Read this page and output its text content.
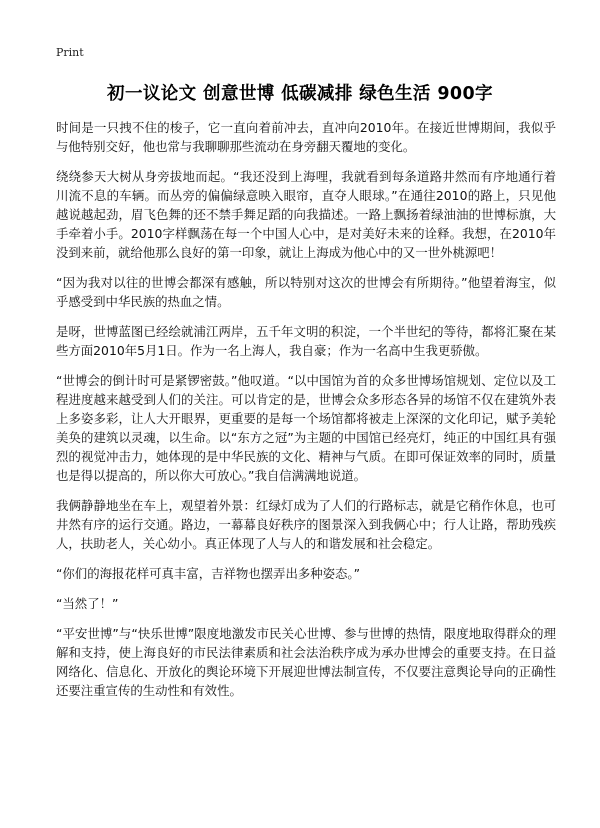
Print
初一议论文 创意世博 低碳减排 绿色生活 900字

时间是一只拽不住的梭子，它一直向着前冲去，直冲向2010年。在接近世博期间，我似乎与他特别交好，他也常与我聊聊那些流动在身旁翻天覆地的变化。

绕绕参天大树从身旁拔地而起。“我还没到上海哩，我就看到每条道路井然而有序地通行着川流不息的车辆。而丛旁的偏偏绿意映入眼帘，直夺人眼球。”在通往2010的路上，只见他越说越起劲，眉飞色舞的还不禁手舞足蹈的向我描述。一路上飘扬着绿油油的世博标旗，大手牵着小手。2010字样飘荡在每一个中国人心中，是对美好未来的诠释。我想，在2010年没到来前，就给他那么良好的第一印象，就让上海成为他心中的又一世外桃源吧！

“因为我对以往的世博会都深有感触，所以特别对这次的世博会有所期待。”他望着海宝，似乎感受到中华民族的热血之情。

是呀，世博蓝图已经绘就浦江两岸，五千年文明的积淀，一个半世纪的等待，都将汇聚在某些方面2010年5月1日。作为一名上海人，我自豪；作为一名高中生我更骄傲。

“世博会的倒计时可是紧锣密鼓。”他叹道。“以中国馆为首的众多世博场馆规划、定位以及工程进度越来越受到人们的关注。可以肯定的是，世博会众多形态各异的场馆不仅在建筑外表上多姿多彩，让人大开眼界，更重要的是每一个场馆都将被走上深深的文化印记，赋予美轮美奂的建筑以灵魂，以生命。以“东方之冠”为主题的中国馆已经亮灯，纯正的中国红具有强烈的视觉冲击力，她体现的是中华民族的文化、精神与气质。在即可保证效率的同时，质量也是得以提高的，所以你大可放心。”我自信满满地说道。

我俩静静地坐在车上，观望着外景：红绿灯成为了人们的行路标志，就是它稍作休息，也可井然有序的运行交通。路边，一幕幕良好秩序的图景深入到我俩心中；行人让路，帮助残疾人，扶助老人，关心幼小。真正体现了人与人的和谐发展和社会稳定。

“你们的海报花样可真丰富，吉祥物也摆弄出多种姿态。”

“当然了！”

“平安世博”与“快乐世博”限度地激发市民关心世博、参与世博的热情，限度地取得群众的理解和支持，使上海良好的市民法律素质和社会法治秩序成为承办世博会的重要支持。在日益网络化、信息化、开放化的舆论环境下开展迎世博法制宣传，不仅要注意舆论导向的正确性还要注重宣传的生动性和有效性。
